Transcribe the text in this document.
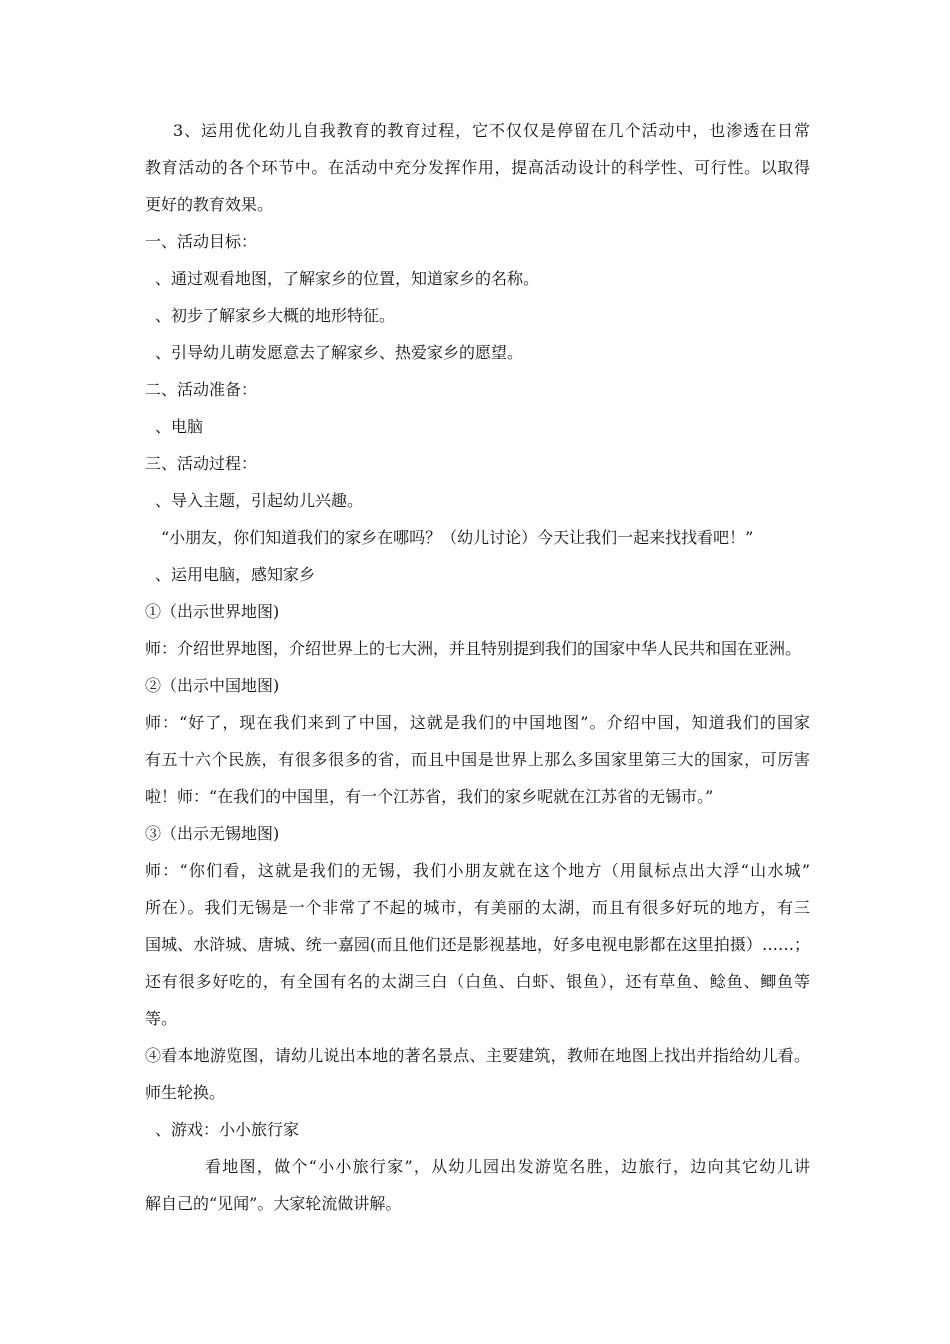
3、运用优化幼儿自我教育的教育过程，它不仅仅是停留在几个活动中，也渗透在日常
教育活动的各个环节中。在活动中充分发挥作用，提高活动设计的科学性、可行性。以取得
更好的教育效果。
一、活动目标：
、通过观看地图，了解家乡的位置，知道家乡的名称。
、初步了解家乡大概的地形特征。
、引导幼儿萌发愿意去了解家乡、热爱家乡的愿望。
二、活动准备：
、电脑
三、活动过程：
、导入主题，引起幼儿兴趣。
“小朋友，你们知道我们的家乡在哪吗？（幼儿讨论）今天让我们一起来找找看吧！”
、运用电脑，感知家乡
①（出示世界地图)
师：介绍世界地图，介绍世界上的七大洲，并且特别提到我们的国家中华人民共和国在亚洲。
②（出示中国地图)
师：“好了，现在我们来到了中国，这就是我们的中国地图”。介绍中国，知道我们的国家
有五十六个民族，有很多很多的省，而且中国是世界上那么多国家里第三大的国家，可厉害
啦！师：“在我们的中国里，有一个江苏省，我们的家乡呢就在江苏省的无锡市。”
③（出示无锡地图)
师：“你们看，这就是我们的无锡，我们小朋友就在这个地方（用鼠标点出大浮“山水城”
所在）。我们无锡是一个非常了不起的城市，有美丽的太湖，而且有很多好玩的地方，有三
国城、水浒城、唐城、统一嘉园(而且他们还是影视基地，好多电视电影都在这里拍摄）……；
还有很多好吃的，有全国有名的太湖三白（白鱼、白虾、银鱼），还有草鱼、鲶鱼、鲫鱼等
等。
④看本地游览图，请幼儿说出本地的著名景点、主要建筑，教师在地图上找出并指给幼儿看。
师生轮换。
、游戏：小小旅行家
看地图，做个“小小旅行家”，从幼儿园出发游览名胜，边旅行，边向其它幼儿讲
解自己的“见闻”。大家轮流做讲解。
